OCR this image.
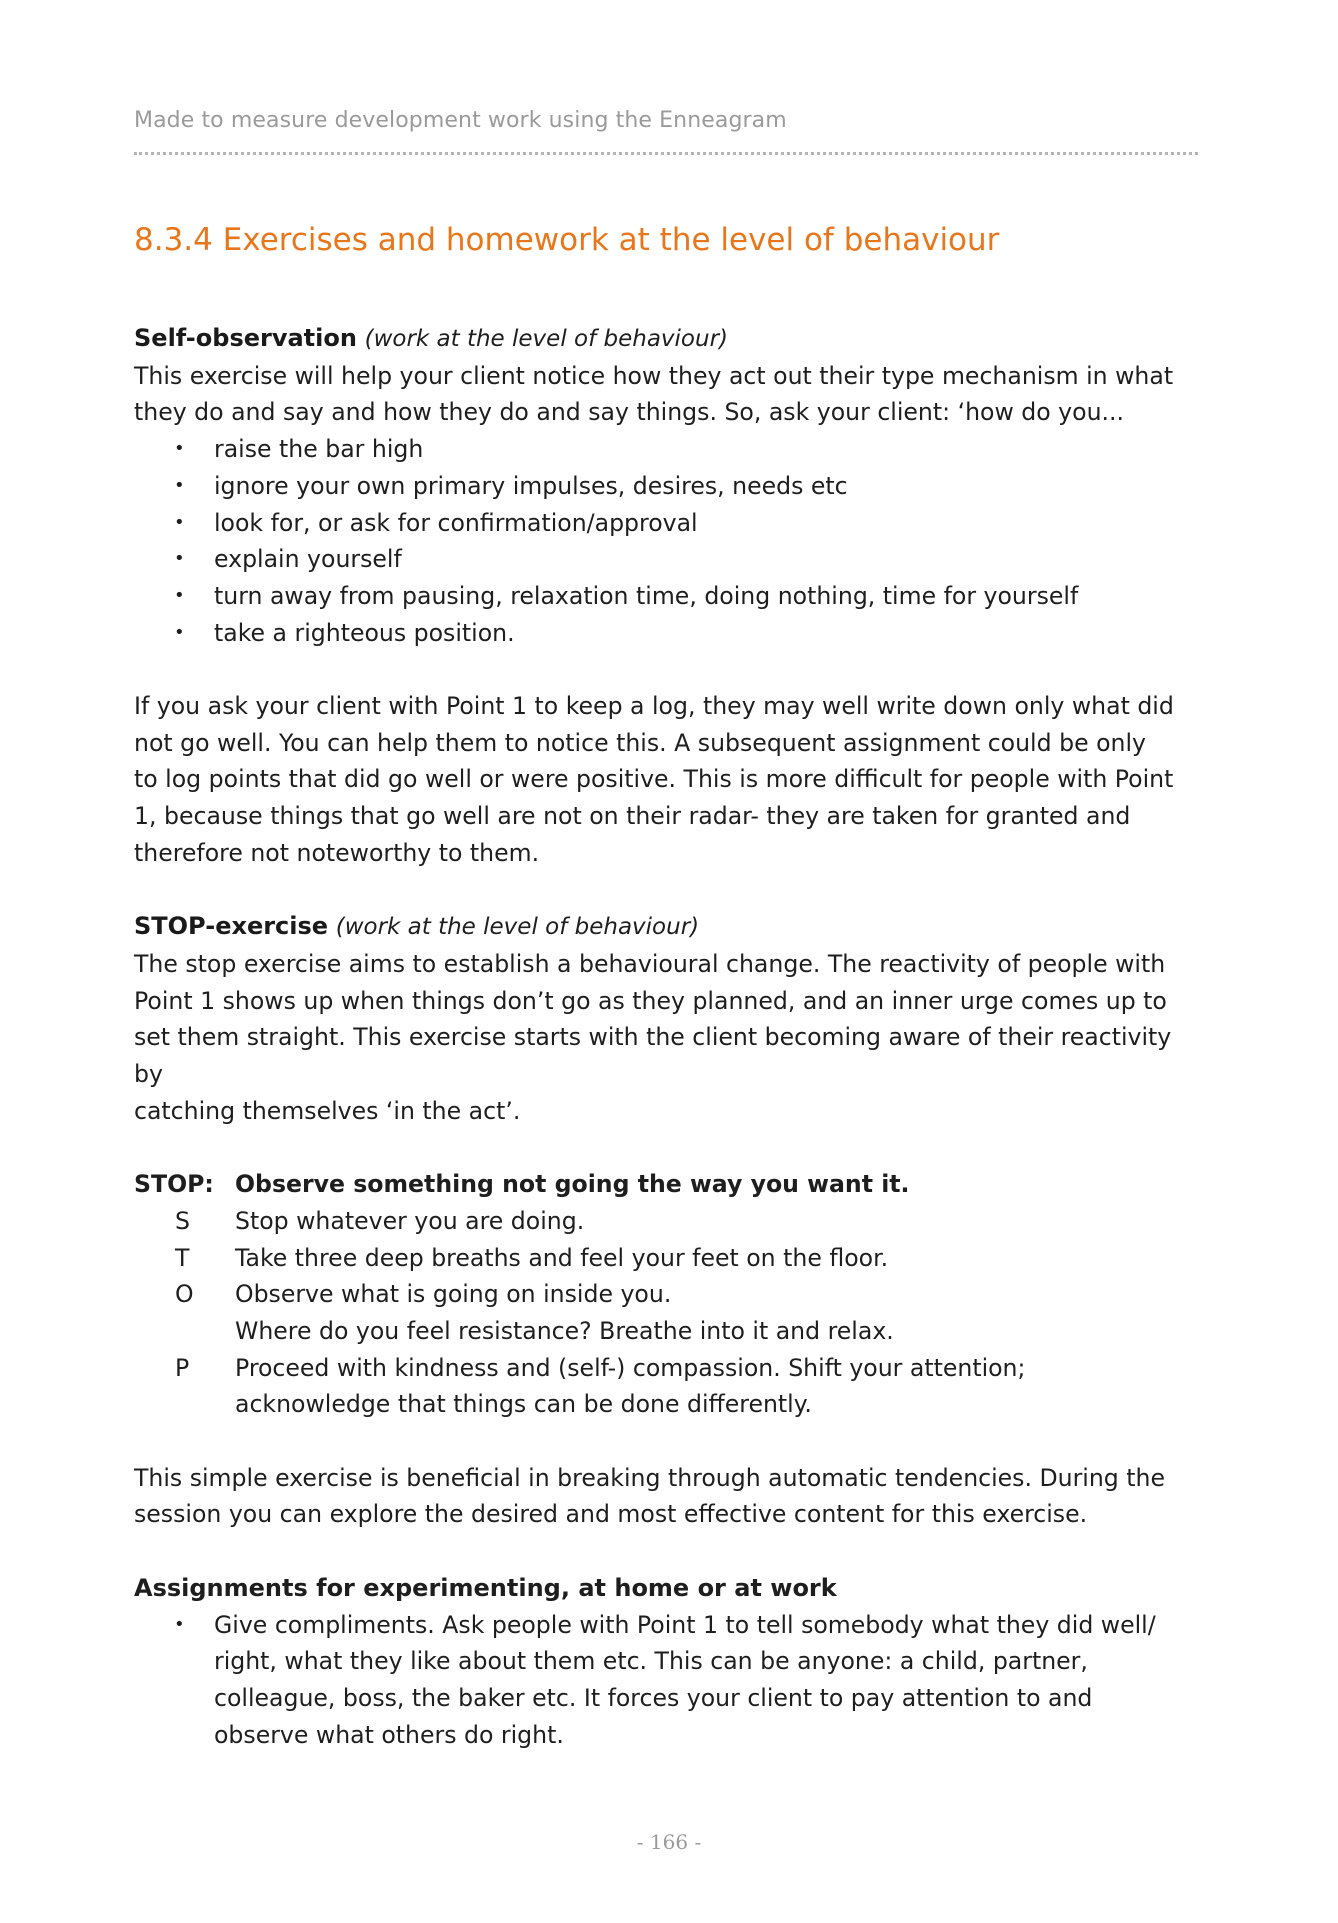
Made to measure development work using the Enneagram
8.3.4 Exercises and homework at the level of behaviour
Self-observation (work at the level of behaviour)

This exercise will help your client notice how they act out their type mechanism in what
they do and say and how they do and say things. So, ask your client: ‘how do you...

• raise the bar high
• ignore your own primary impulses, desires, needs etc
• look for, or ask for confirmation/approval
• explain yourself
• turn away from pausing, relaxation time, doing nothing, time for yourself
• take a righteous position.

If you ask your client with Point 1 to keep a log, they may well write down only what did
not go well. You can help them to notice this. A subsequent assignment could be only
to log points that did go well or were positive. This is more difficult for people with Point
1, because things that go well are not on their radar- they are taken for granted and
therefore not noteworthy to them.

STOP-exercise (work at the level of behaviour)

The stop exercise aims to establish a behavioural change. The reactivity of people with
Point 1 shows up when things don’t go as they planned, and an inner urge comes up to
set them straight. This exercise starts with the client becoming aware of their reactivity by
catching themselves ‘in the act’.

STOP: Observe something not going the way you want it.
S	Stop whatever you are doing.
T	Take three deep breaths and feel your feet on the floor.
O	Observe what is going on inside you.
Where do you feel resistance? Breathe into it and relax.
P	Proceed with kindness and (self-) compassion. Shift your attention;
acknowledge that things can be done differently.

This simple exercise is beneficial in breaking through automatic tendencies. During the
session you can explore the desired and most effective content for this exercise.

Assignments for experimenting, at home or at work
• Give compliments. Ask people with Point 1 to tell somebody what they did well/
right, what they like about them etc. This can be anyone: a child, partner,
colleague, boss, the baker etc. It forces your client to pay attention to and
observe what others do right.
- 166 -
